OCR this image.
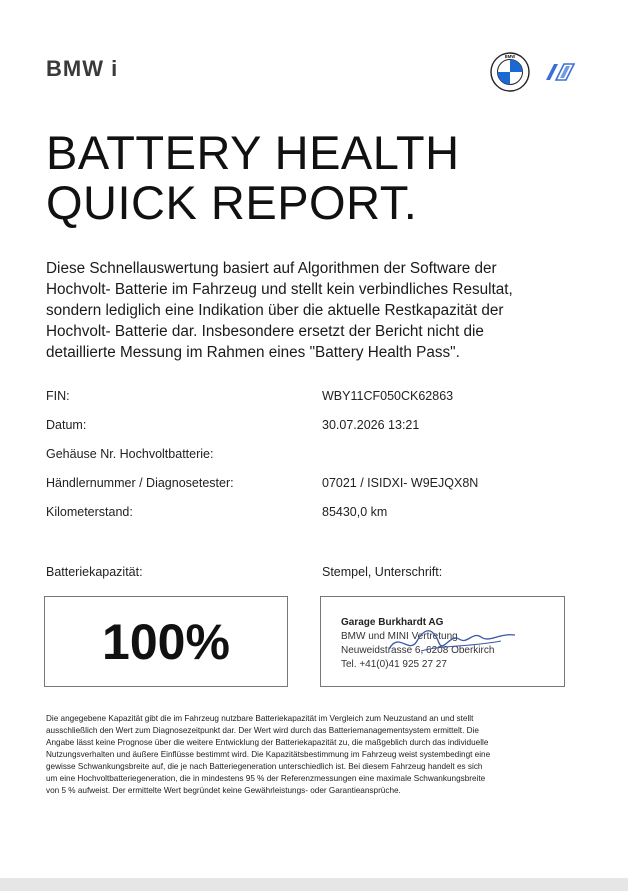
BMW i	BMW
BATTERY HEALTH
QUICK REPORT.

Diese Schnellauswertung basiert auf Algorithmen der Software der
Hochvolt- Batterie im Fahrzeug und stellt kein verbindliches Resultat,
sondern lediglich eine Indikation über die aktuelle Restkapazität der
Hochvolt- Batterie dar. Insbesondere ersetzt der Bericht nicht die
detaillierte Messung im Rahmen eines "Battery Health Pass".

FIN:	WBY11CF050CK62863
Datum:	30.07.2026 13:21
Gehäuse Nr. Hochvoltbatterie:
Händlernummer / Diagnosetester:	07021 / ISIDXI- W9EJQX8N
Kilometerstand:	85430,0 km
Batteriekapazität:	Stempel, Unterschrift:
100%	Garage Burkhardt AG
BMW und MINI Vertretung
Neuweidstrasse 6, 6208 Oberkirch
Tel. +41(0)41 925 27 27

Die angegebene Kapazität gibt die im Fahrzeug nutzbare Batteriekapazität im Vergleich zum Neuzustand an und stellt
ausschließlich den Wert zum Diagnosezeitpunkt dar. Der Wert wird durch das Batteriemanagementsystem ermittelt. Die
Angabe lässt keine Prognose über die weitere Entwicklung der Batteriekapazität zu, die maßgeblich durch das individuelle
Nutzungsverhalten und äußere Einflüsse bestimmt wird. Die Kapazitätsbestimmung im Fahrzeug weist systembedingt eine
gewisse Schwankungsbreite auf, die je nach Batteriegeneration unterschiedlich ist. Bei diesem Fahrzeug handelt es sich
um eine Hochvoltbatteriegeneration, die in mindestens 95 % der Referenzmessungen eine maximale Schwankungsbreite
von 5 % aufweist. Der ermittelte Wert begründet keine Gewährleistungs- oder Garantieansprüche.
